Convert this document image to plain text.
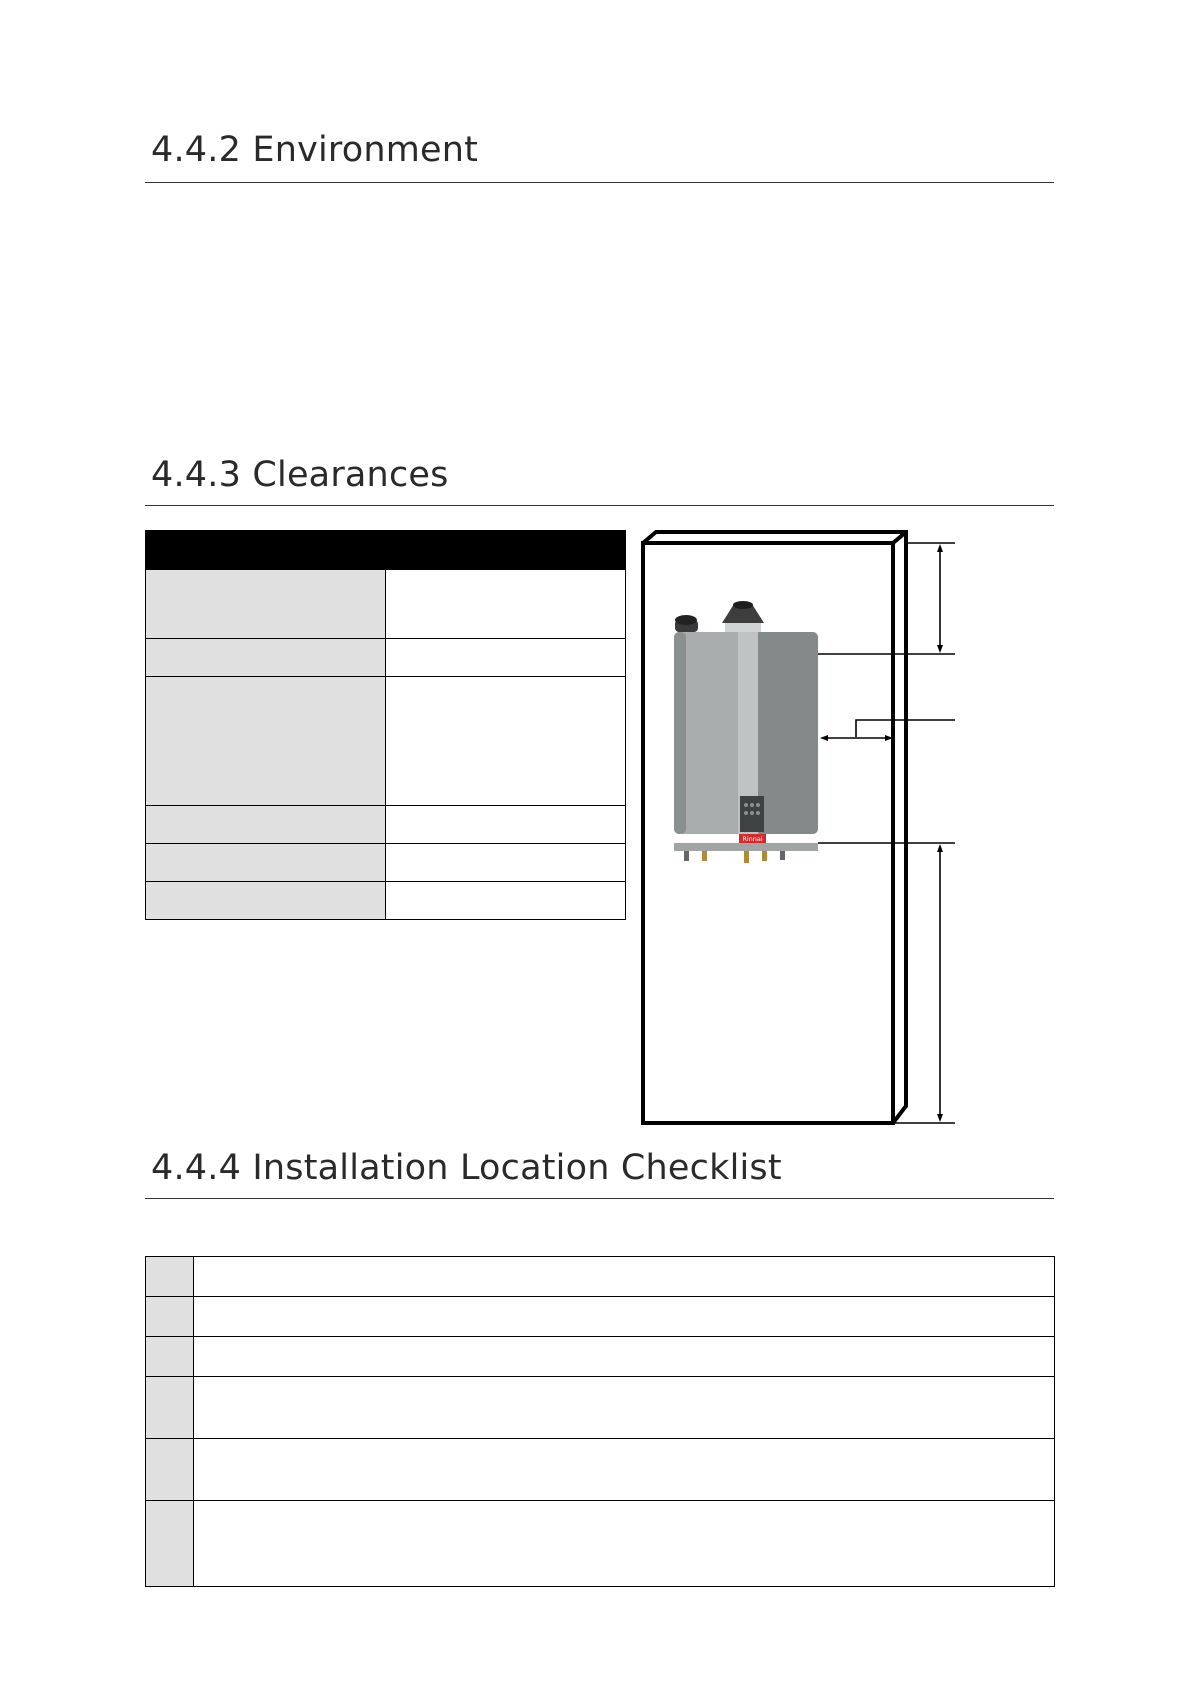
4.4.2 Environment
4.4.3 Clearances

Rinnai
4.4.4 Installation Location Checklist
